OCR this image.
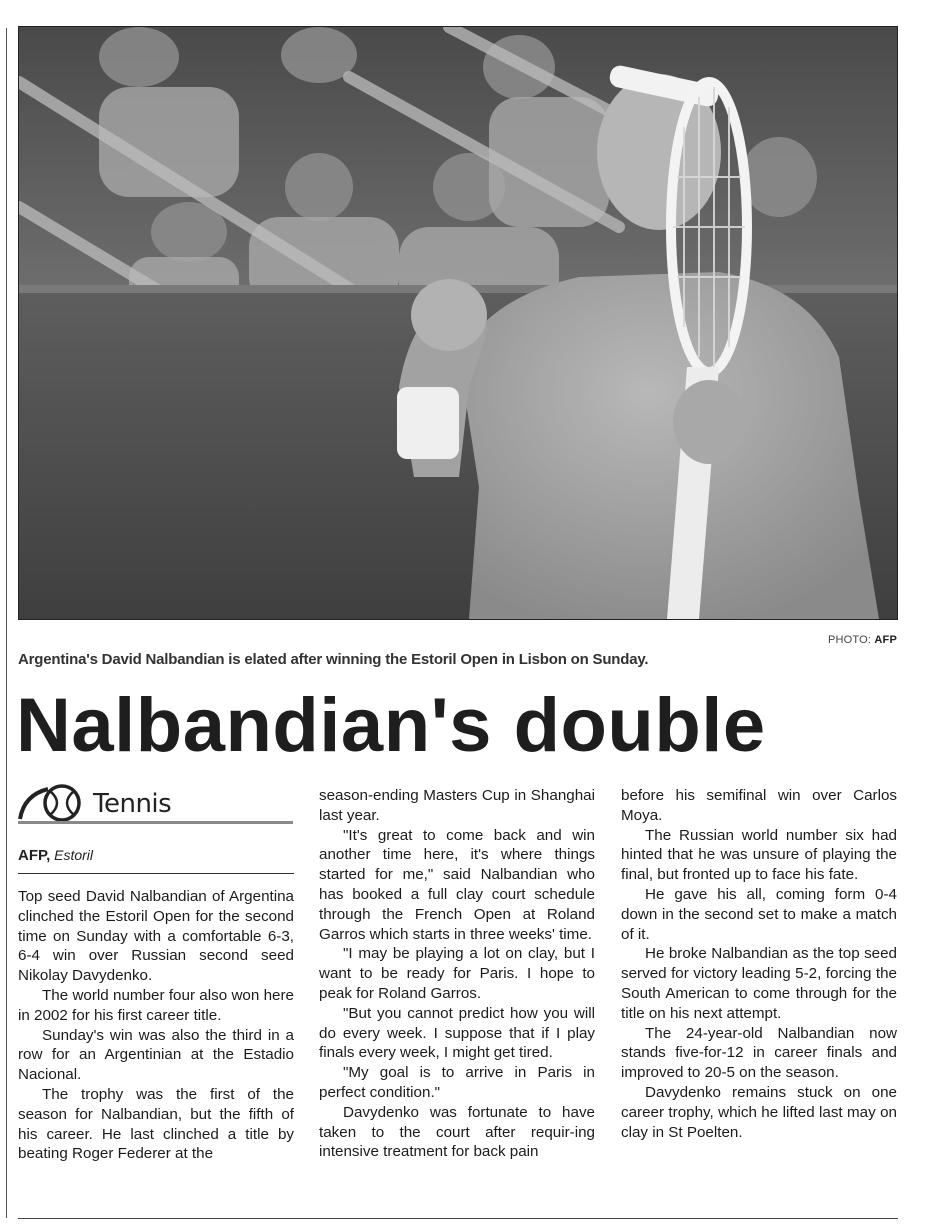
PHOTO: AFP
Argentina's David Nalbandian is elated after winning the Estoril Open in Lisbon on Sunday.
Nalbandian's double
Tennis
AFP, Estoril

Top seed David Nalbandian of Argentina clinched the Estoril Open for the second time on Sunday with a comfortable 6-3, 6-4 win over Russian second seed Nikolay Davydenko.

The world number four also won here in 2002 for his first career title.

Sunday's win was also the third in a row for an Argentinian at the Estadio Nacional.

The trophy was the first of the season for Nalbandian, but the fifth of his career. He last clinched a title by beating Roger Federer at the

season-ending Masters Cup in Shanghai last year.

"It's great to come back and win another time here, it's where things started for me," said Nalbandian who has booked a full clay court schedule through the French Open at Roland Garros which starts in three weeks' time.

"I may be playing a lot on clay, but I want to be ready for Paris. I hope to peak for Roland Garros.

"But you cannot predict how you will do every week. I suppose that if I play finals every week, I might get tired.

"My goal is to arrive in Paris in perfect condition."

Davydenko was fortunate to have taken to the court after requir-ing intensive treatment for back pain

before his semifinal win over Carlos Moya.

The Russian world number six had hinted that he was unsure of playing the final, but fronted up to face his fate.

He gave his all, coming form 0-4 down in the second set to make a match of it.

He broke Nalbandian as the top seed served for victory leading 5-2, forcing the South American to come through for the title on his next attempt.

The 24-year-old Nalbandian now stands five-for-12 in career finals and improved to 20-5 on the season.

Davydenko remains stuck on one career trophy, which he lifted last may on clay in St Poelten.
